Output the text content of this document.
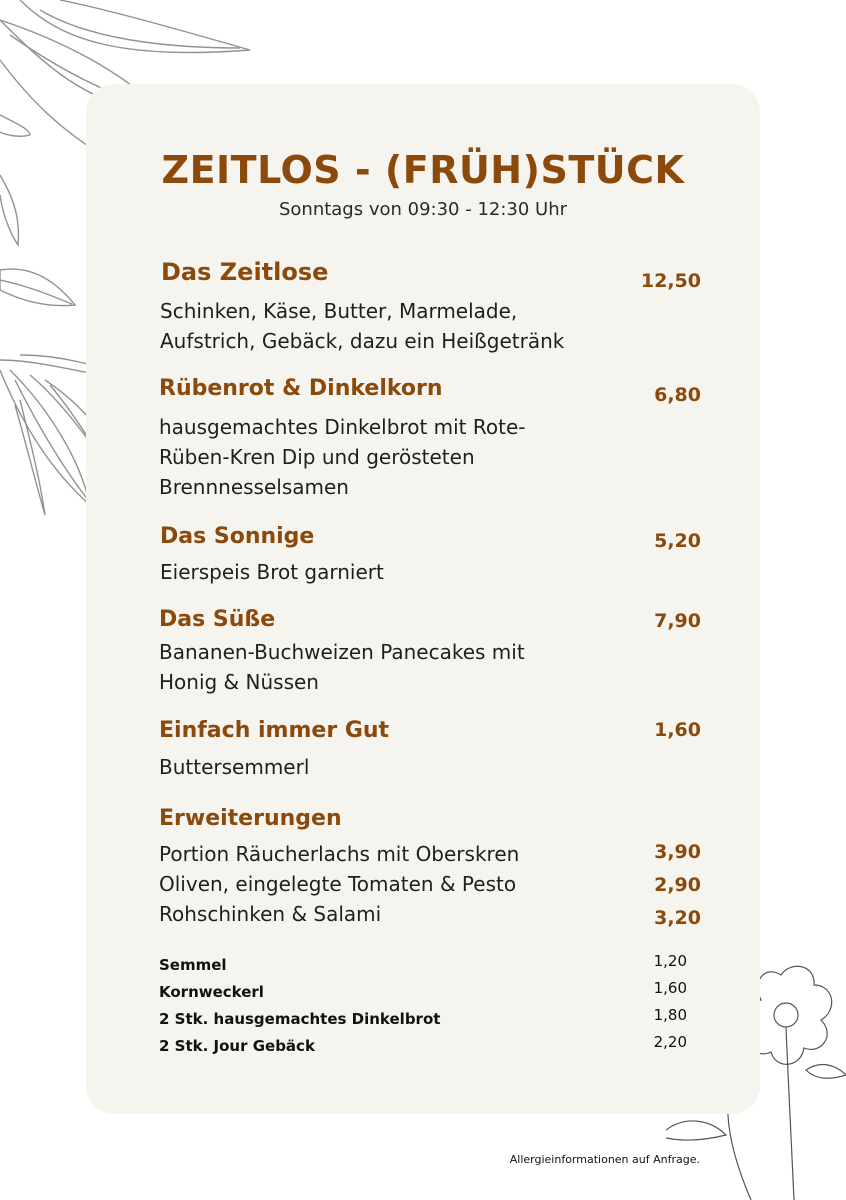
ZEITLOS - (FRÜH)STÜCK
Sonntags von 09:30 - 12:30 Uhr
Das Zeitlose	12,50
Schinken, Käse, Butter, Marmelade,
Aufstrich, Gebäck, dazu ein Heißgetränk
Rübenrot & Dinkelkorn	6,80
hausgemachtes Dinkelbrot mit Rote-
Rüben-Kren Dip und gerösteten
Brennnesselsamen
Das Sonnige	5,20
Eierspeis Brot garniert
Das Süße	7,90
Bananen-Buchweizen Panecakes mit
Honig & Nüssen
Einfach immer Gut	1,60
Buttersemmerl
Erweiterungen
Portion Räucherlachs mit Oberskren	3,90
Oliven, eingelegte Tomaten & Pesto	2,90
Rohschinken & Salami	3,20
Semmel	1,20
Kornweckerl	1,60
2 Stk. hausgemachtes Dinkelbrot	1,80
2 Stk. Jour Gebäck	2,20
Allergieinformationen auf Anfrage.
